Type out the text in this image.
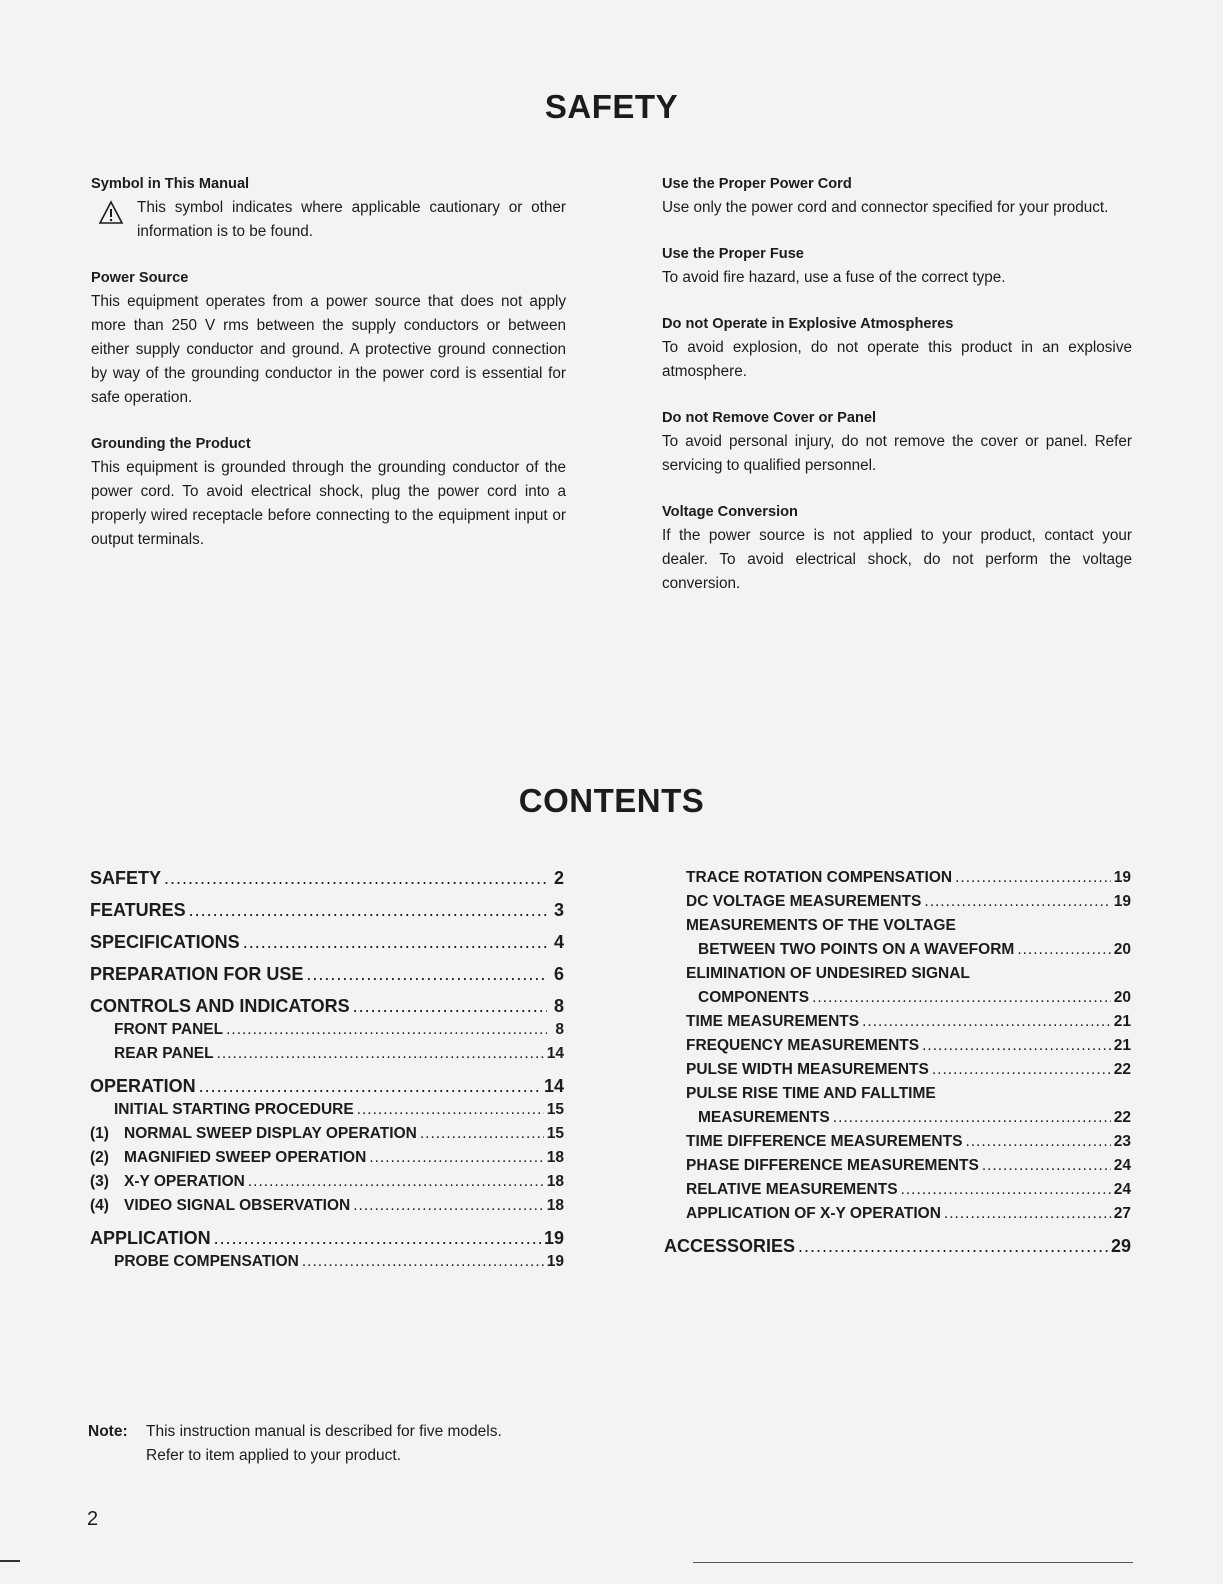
SAFETY
Symbol in This Manual
This symbol indicates where applicable cautionary or other information is to be found.
Power Source
This equipment operates from a power source that does not apply more than 250 V rms between the supply conductors or between either supply conductor and ground. A protective ground connection by way of the grounding conductor in the power cord is essential for safe operation.
Grounding the Product
This equipment is grounded through the grounding conductor of the power cord. To avoid electrical shock, plug the power cord into a properly wired receptacle before connecting to the equipment input or output terminals.
Use the Proper Power Cord
Use only the power cord and connector specified for your product.
Use the Proper Fuse
To avoid fire hazard, use a fuse of the correct type.
Do not Operate in Explosive Atmospheres
To avoid explosion, do not operate this product in an explosive atmosphere.
Do not Remove Cover or Panel
To avoid personal injury, do not remove the cover or panel. Refer servicing to qualified personnel.
Voltage Conversion
If the power source is not applied to your product, contact your dealer. To avoid electrical shock, do not perform the voltage conversion.
CONTENTS
SAFETY .....	2
FEATURES .....	3
SPECIFICATIONS .....	4
PREPARATION FOR USE .....	6
CONTROLS AND INDICATORS .....	8
FRONT PANEL .....	8
REAR PANEL .....	14
OPERATION .....	14
INITIAL STARTING PROCEDURE .....	15
(1) NORMAL SWEEP DISPLAY OPERATION .....	15
(2) MAGNIFIED SWEEP OPERATION .....	18
(3) X-Y OPERATION .....	18
(4) VIDEO SIGNAL OBSERVATION .....	18
APPLICATION .....	19
PROBE COMPENSATION .....	19
TRACE ROTATION COMPENSATION .....	19
DC VOLTAGE MEASUREMENTS .....	19
MEASUREMENTS OF THE VOLTAGE
BETWEEN TWO POINTS ON A WAVEFORM .....	20
ELIMINATION OF UNDESIRED SIGNAL
COMPONENTS .....	20
TIME MEASUREMENTS .....	21
FREQUENCY MEASUREMENTS .....	21
PULSE WIDTH MEASUREMENTS .....	22
PULSE RISE TIME AND FALLTIME
MEASUREMENTS .....	22
TIME DIFFERENCE MEASUREMENTS .....	23
PHASE DIFFERENCE MEASUREMENTS .....	24
RELATIVE MEASUREMENTS .....	24
APPLICATION OF X-Y OPERATION .....	27
ACCESSORIES .....	29
Note:	This instruction manual is described for five models.
Refer to item applied to your product.
2
